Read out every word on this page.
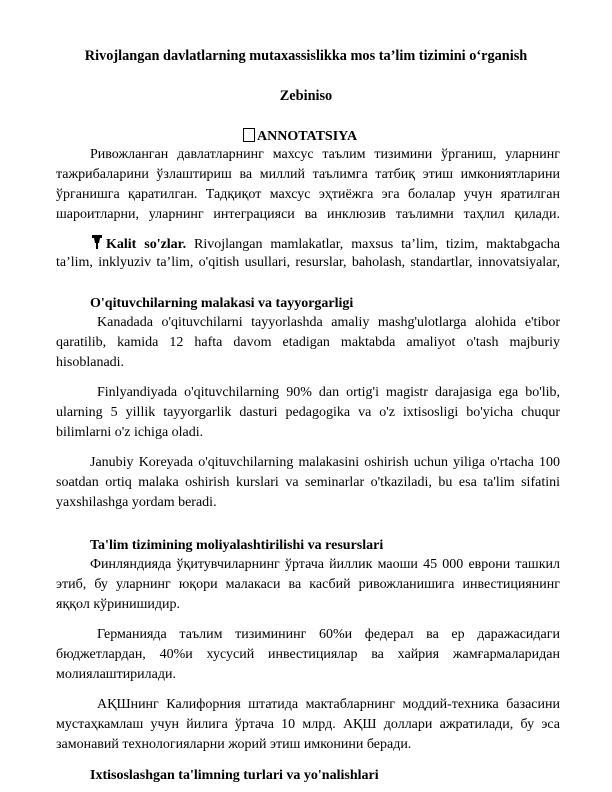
Rivojlangan davlatlarning mutaxassislikka mos ta’lim tizimini o‘rganish
Zebiniso
ANNOTATSIYA
Ривожланган давлатларнинг махсус таълим тизимини ўрганиш, уларнинг
тажрибаларини ўзлаштириш ва миллий таълимга татбиқ этиш имкониятларини
ўрганишга қаратилган. Тадқиқот махсус эҳтиёжга эга болалар учун яратилган
шароитларни, уларнинг интеграцияси ва инклюзив таълимни таҳлил қилади.
Kalit so'zlar. Rivojlangan mamlakatlar, maxsus ta’lim, tizim, maktabgacha
ta’lim, inklyuziv ta’lim, o'qitish usullari, resurslar, baholash, standartlar, innovatsiyalar,
O'qituvchilarning malakasi va tayyorgarligi
Kanadada o'qituvchilarni tayyorlashda amaliy mashg'ulotlarga alohida e'tibor
qaratilib, kamida 12 hafta davom etadigan maktabda amaliyot o'tash majburiy
hisoblanadi.
Finlyandiyada o'qituvchilarning 90% dan ortig'i magistr darajasiga ega bo'lib,
ularning 5 yillik tayyorgarlik dasturi pedagogika va o'z ixtisosligi bo'yicha chuqur
bilimlarni o'z ichiga oladi.
Janubiy Koreyada o'qituvchilarning malakasini oshirish uchun yiliga o'rtacha 100
soatdan ortiq malaka oshirish kurslari va seminarlar o'tkaziladi, bu esa ta'lim sifatini
yaxshilashga yordam beradi.
Ta'lim tizimining moliyalashtirilishi va resurslari
Финляндияда ўқитувчиларнинг ўртача йиллик маоши 45 000 еврони ташкил
этиб, бу уларнинг юқори малакаси ва касбий ривожланишига инвестициянинг
яққол кўринишидир.
Германияда таълим тизимининг 60%и федерал ва ер даражасидаги
бюджетлардан, 40%и хусусий инвестициялар ва хайрия жамғармаларидан
молиялаштирилади.
АҚШнинг Калифорния штатида мактабларнинг моддий-техника базасини
мустаҳкамлаш учун йилига ўртача 10 млрд. АҚШ доллари ажратилади, бу эса
замонавий технологияларни жорий этиш имконини беради.
Ixtisoslashgan ta'limning turlari va yo'nalishlari
